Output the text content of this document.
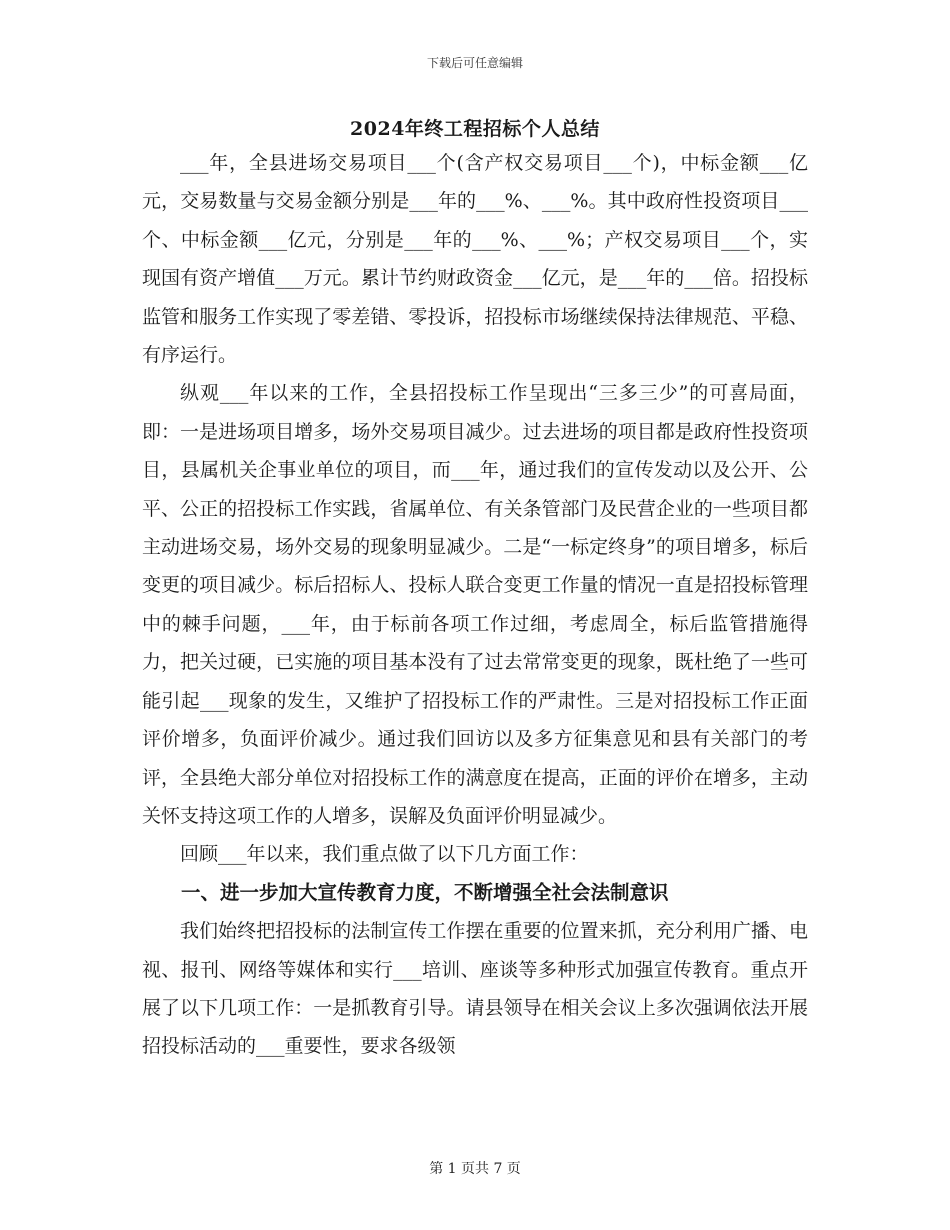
下载后可任意编辑
2024年终工程招标个人总结

___年，全县进场交易项目___个(含产权交易项目___个)，中标金额___亿元，交易数量与交易金额分别是___年的___%、___%。其中政府性投资项目___个、中标金额___亿元，分别是___年的___%、___%；产权交易项目___个，实现国有资产增值___万元。累计节约财政资金___亿元，是___年的___倍。招投标监管和服务工作实现了零差错、零投诉，招投标市场继续保持法律规范、平稳、有序运行。

纵观___年以来的工作，全县招投标工作呈现出“三多三少”的可喜局面，即：一是进场项目增多，场外交易项目减少。过去进场的项目都是政府性投资项目，县属机关企事业单位的项目，而___年，通过我们的宣传发动以及公开、公平、公正的招投标工作实践，省属单位、有关条管部门及民营企业的一些项目都主动进场交易，场外交易的现象明显减少。二是“一标定终身”的项目增多，标后变更的项目减少。标后招标人、投标人联合变更工作量的情况一直是招投标管理中的棘手问题，___年，由于标前各项工作过细，考虑周全，标后监管措施得力，把关过硬，已实施的项目基本没有了过去常常变更的现象，既杜绝了一些可能引起___现象的发生，又维护了招投标工作的严肃性。三是对招投标工作正面评价增多，负面评价减少。通过我们回访以及多方征集意见和县有关部门的考评，全县绝大部分单位对招投标工作的满意度在提高，正面的评价在增多，主动关怀支持这项工作的人增多，误解及负面评价明显减少。

回顾___年以来，我们重点做了以下几方面工作：

一、进一步加大宣传教育力度，不断增强全社会法制意识

我们始终把招投标的法制宣传工作摆在重要的位置来抓，充分利用广播、电视、报刊、网络等媒体和实行___培训、座谈等多种形式加强宣传教育。重点开展了以下几项工作：一是抓教育引导。请县领导在相关会议上多次强调依法开展招投标活动的___重要性，要求各级领

第 1 页共 7 页
